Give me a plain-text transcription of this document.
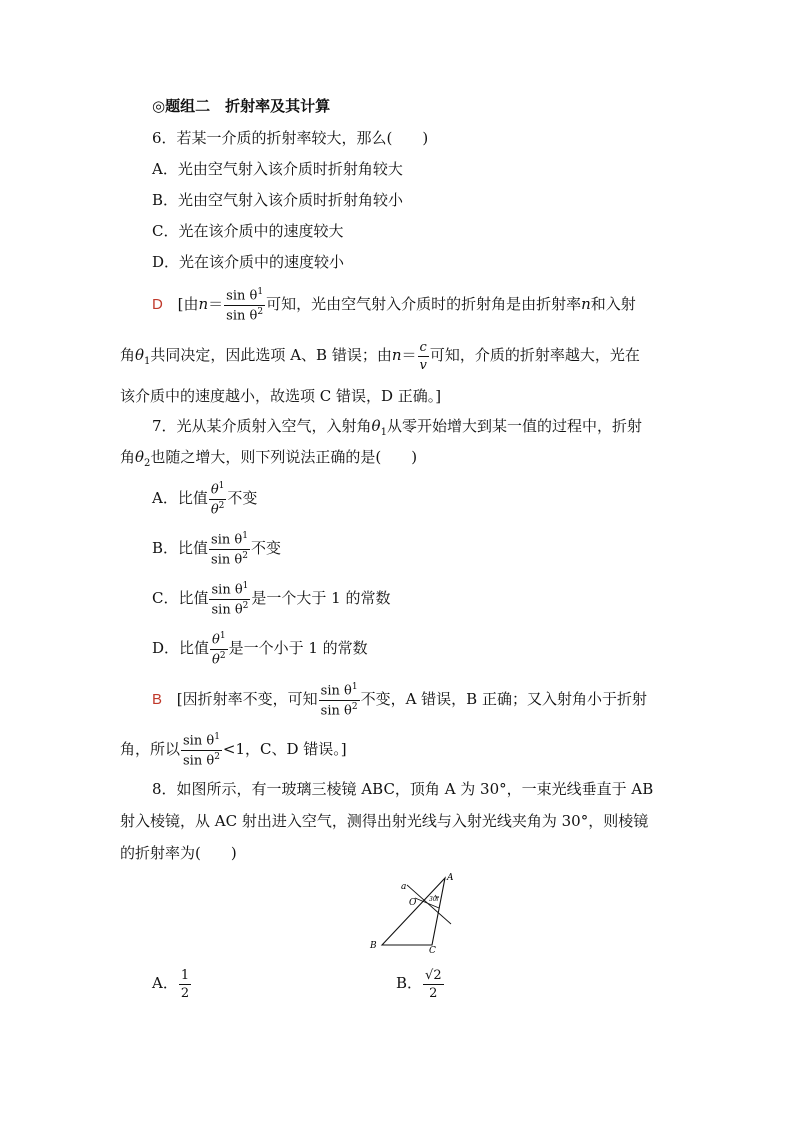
◎题组二　折射率及其计算
6．若某一介质的折射率较大，那么(　　)
A．光由空气射入该介质时折射角较大
B．光由空气射入该介质时折射角较小
C．光在该介质中的速度较大
D．光在该介质中的速度较小
D [由$n= \frac{\sin \theta^1}{\sin \theta^2}$ 可知，光由空气射入介质时的折射角是由折射率n和入射
角$\theta_1$共同决定，因此选项 A、B 错误；由$n= \frac{c}{v}$ 可知，介质的折射率越大，光在
该介质中的速度越小，故选项 C 错误，D 正确。]
7．光从某介质射入空气，入射角$\theta_1$从零开始增大到某一值的过程中，折射
角$\theta_2$也随之增大，则下列说法正确的是(　　)
A．比值 $\frac{\theta^1}{\theta^2}$ 不变
B．比值 $\frac{\sin \theta^1}{\sin \theta^2}$ 不变
C．比值 $\frac{\sin \theta^1}{\sin \theta^2}$ 是一个大于 1 的常数
D．比值 $\frac{\theta^1}{\theta^2}$ 是一个小于 1 的常数
B [因折射率不变，可知 $\frac{\sin \theta^1}{\sin \theta^2}$ 不变，A 错误，B 正确；又入射角小于折射
角，所以 $\frac{\sin \theta^1}{\sin \theta^2} <1$，C、D 错误。]
8．如图所示，有一玻璃三棱镜 ABC，顶角 A 为 30°，一束光线垂直于 AB
射入棱镜，从 AC 射出进入空气，测得出射光线与入射光线夹角为 30°，则棱镜
的折射率为(　　)
a
A
O 30°
B	C
A． $\frac{1}{2}$	B． $\frac{√2}{2}$
